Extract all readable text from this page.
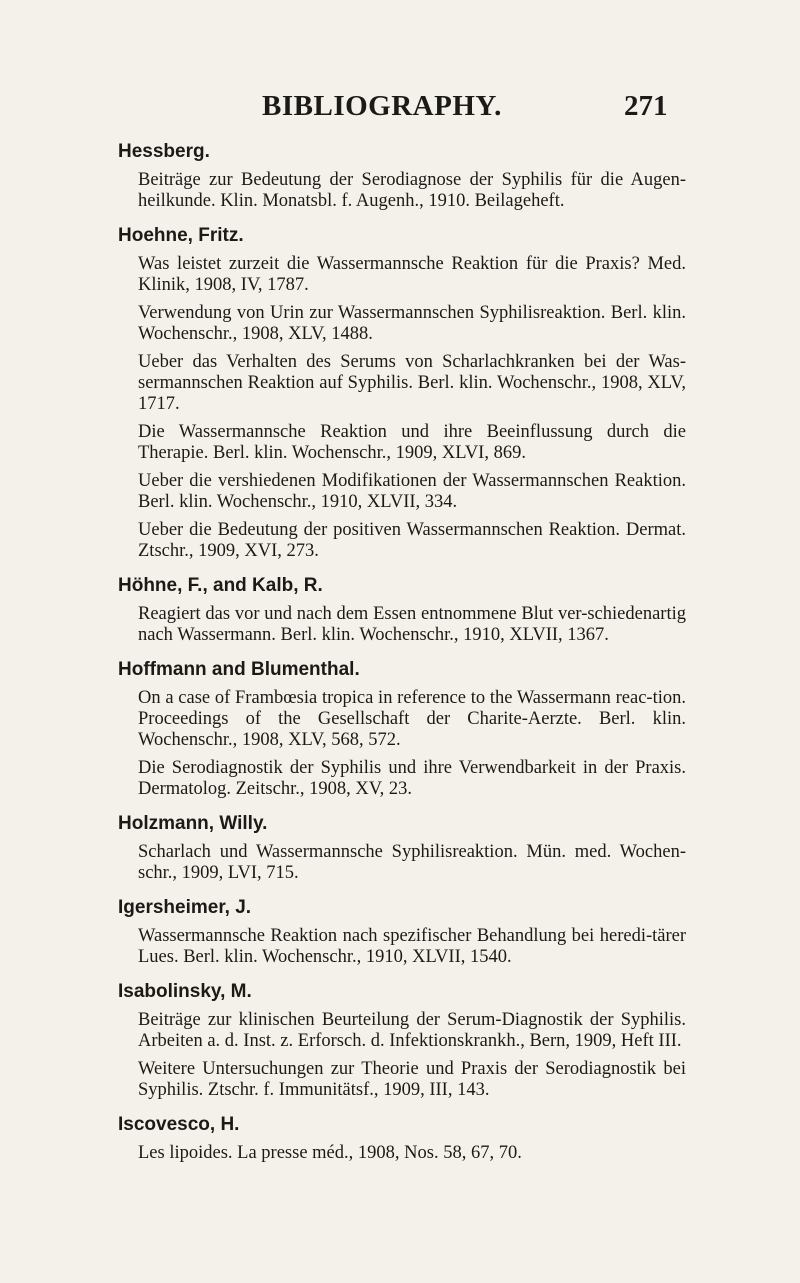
BIBLIOGRAPHY.	271
Hessberg.
Beiträge zur Bedeutung der Serodiagnose der Syphilis für die Augen-heilkunde. Klin. Monatsbl. f. Augenh., 1910. Beilageheft.
Hoehne, Fritz.
Was leistet zurzeit die Wassermannsche Reaktion für die Praxis? Med. Klinik, 1908, IV, 1787.
Verwendung von Urin zur Wassermannschen Syphilisreaktion. Berl. klin. Wochenschr., 1908, XLV, 1488.
Ueber das Verhalten des Serums von Scharlachkranken bei der Was-sermannschen Reaktion auf Syphilis. Berl. klin. Wochenschr., 1908, XLV, 1717.
Die Wassermannsche Reaktion und ihre Beeinflussung durch die Therapie. Berl. klin. Wochenschr., 1909, XLVI, 869.
Ueber die vershiedenen Modifikationen der Wassermannschen Reaktion. Berl. klin. Wochenschr., 1910, XLVII, 334.
Ueber die Bedeutung der positiven Wassermannschen Reaktion. Dermat. Ztschr., 1909, XVI, 273.
Höhne, F., and Kalb, R.
Reagiert das vor und nach dem Essen entnommene Blut ver-schiedenartig nach Wassermann. Berl. klin. Wochenschr., 1910, XLVII, 1367.
Hoffmann and Blumenthal.
On a case of Frambœsia tropica in reference to the Wassermann reac-tion. Proceedings of the Gesellschaft der Charite-Aerzte. Berl. klin. Wochenschr., 1908, XLV, 568, 572.
Die Serodiagnostik der Syphilis und ihre Verwendbarkeit in der Praxis. Dermatolog. Zeitschr., 1908, XV, 23.
Holzmann, Willy.
Scharlach und Wassermannsche Syphilisreaktion. Mün. med. Wochen-schr., 1909, LVI, 715.
Igersheimer, J.
Wassermannsche Reaktion nach spezifischer Behandlung bei heredi-tärer Lues. Berl. klin. Wochenschr., 1910, XLVII, 1540.
Isabolinsky, M.
Beiträge zur klinischen Beurteilung der Serum-Diagnostik der Syphilis. Arbeiten a. d. Inst. z. Erforsch. d. Infektionskrankh., Bern, 1909, Heft III.
Weitere Untersuchungen zur Theorie und Praxis der Serodiagnostik bei Syphilis. Ztschr. f. Immunitätsf., 1909, III, 143.
Iscovesco, H.
Les lipoides. La presse méd., 1908, Nos. 58, 67, 70.
